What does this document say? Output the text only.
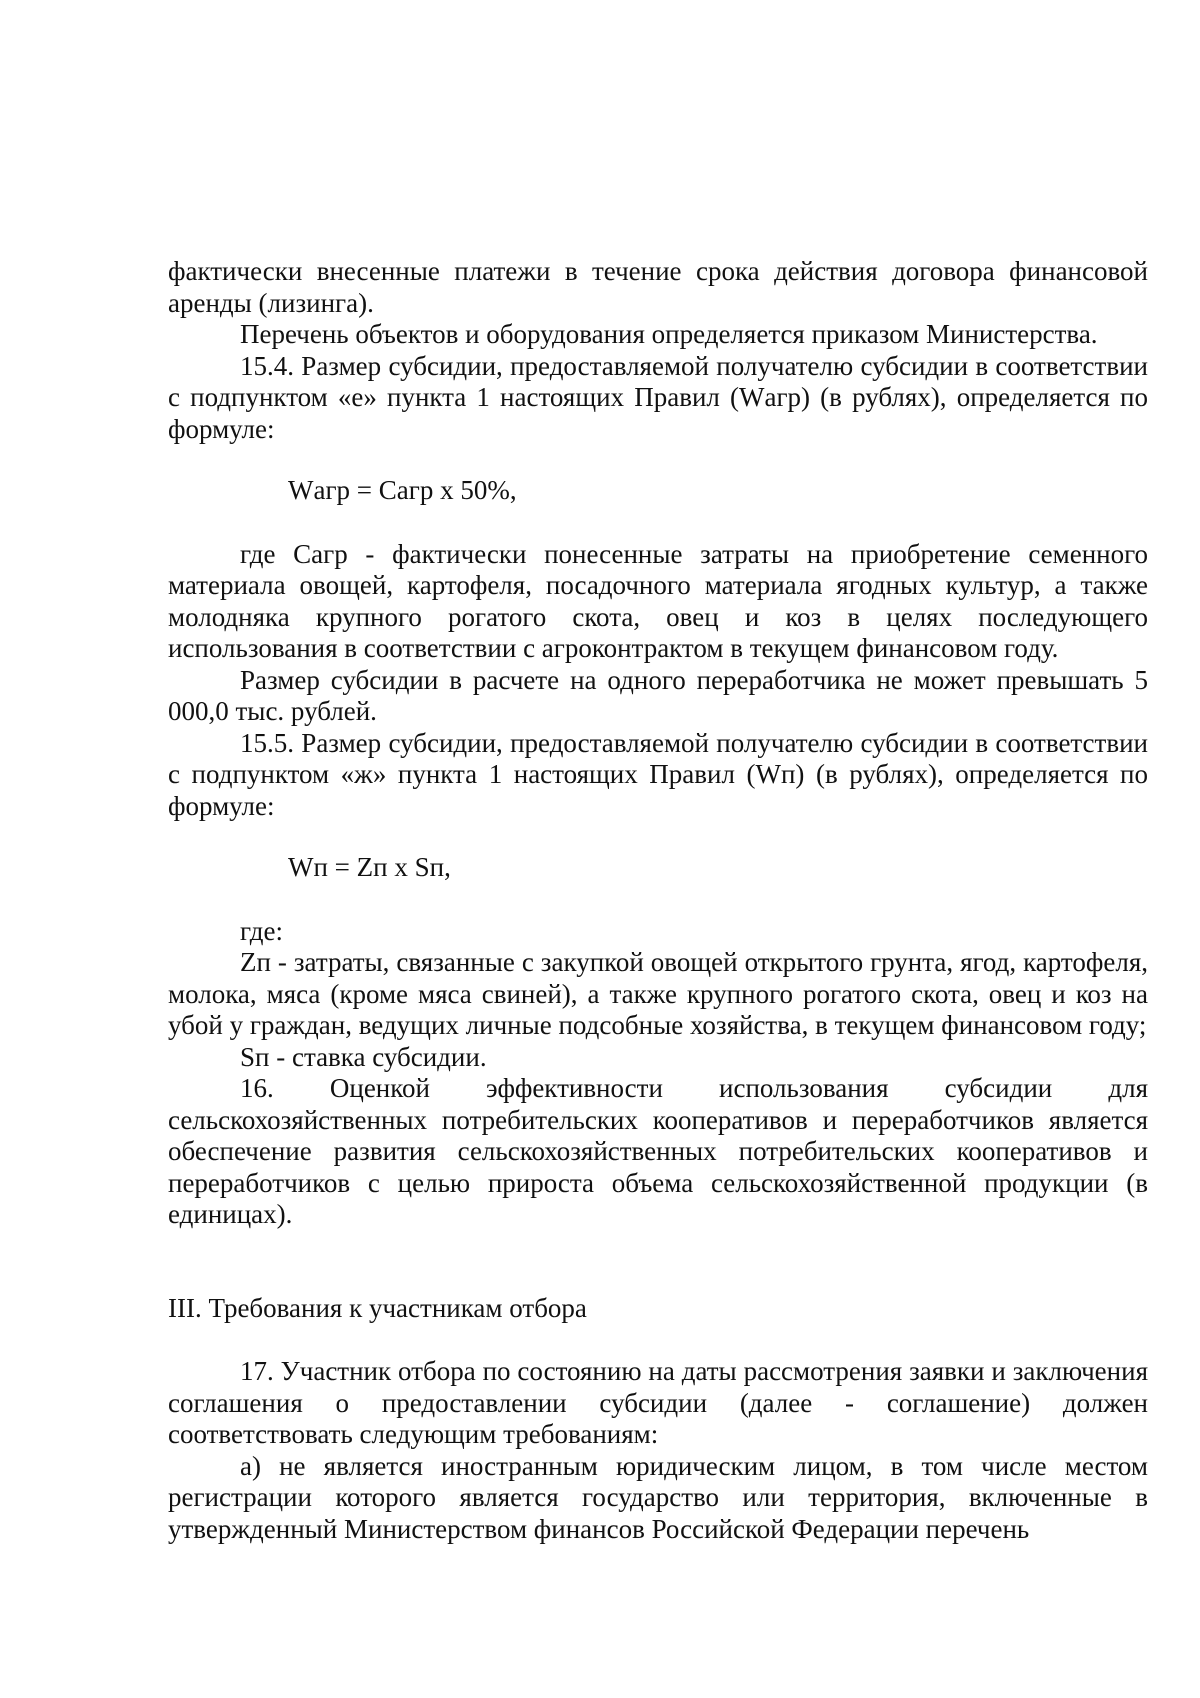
фактически внесенные платежи в течение срока действия договора финансовой аренды (лизинга).

Перечень объектов и оборудования определяется приказом Министерства.

15.4. Размер субсидии, предоставляемой получателю субсидии в соответствии с подпунктом «е» пункта 1 настоящих Правил (Wагр) (в рублях), определяется по формуле:

Wагр = Сагр х 50%,

где Сагр - фактически понесенные затраты на приобретение семенного материала овощей, картофеля, посадочного материала ягодных культур, а также молодняка крупного рогатого скота, овец и коз в целях последующего использования в соответствии с агроконтрактом в текущем финансовом году.

Размер субсидии в расчете на одного переработчика не может превышать 5 000,0 тыс. рублей.

15.5. Размер субсидии, предоставляемой получателю субсидии в соответствии с подпунктом «ж» пункта 1 настоящих Правил (Wп) (в рублях), определяется по формуле:

Wп = Zп х Sп,

где:

Zп - затраты, связанные с закупкой овощей открытого грунта, ягод, картофеля, молока, мяса (кроме мяса свиней), а также крупного рогатого скота, овец и коз на убой у граждан, ведущих личные подсобные хозяйства, в текущем финансовом году;

Sп - ставка субсидии.

16. Оценкой эффективности использования субсидии для сельскохозяйственных потребительских кооперативов и переработчиков является обеспечение развития сельскохозяйственных потребительских кооперативов и переработчиков с целью прироста объема сельскохозяйственной продукции (в единицах).

III. Требования к участникам отбора

17. Участник отбора по состоянию на даты рассмотрения заявки и заключения соглашения о предоставлении субсидии (далее - соглашение) должен соответствовать следующим требованиям:

а) не является иностранным юридическим лицом, в том числе местом регистрации которого является государство или территория, включенные в утвержденный Министерством финансов Российской Федерации перечень
